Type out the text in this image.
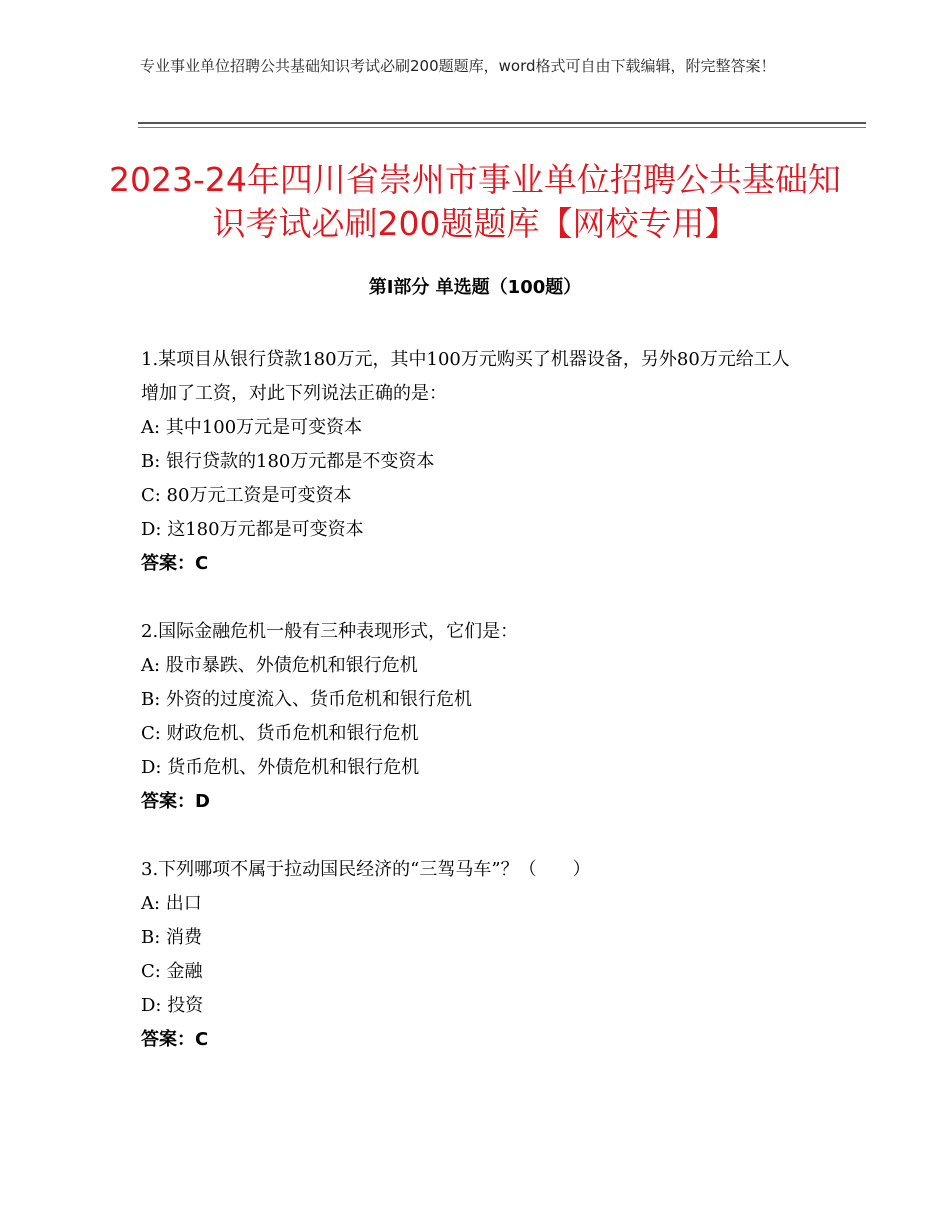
专业事业单位招聘公共基础知识考试必刷200题题库，word格式可自由下载编辑，附完整答案！
2023-24年四川省崇州市事业单位招聘公共基础知识考试必刷200题题库【网校专用】
第Ⅰ部分 单选题（100题）
1.某项目从银行贷款180万元，其中100万元购买了机器设备，另外80万元给工人增加了工资，对此下列说法正确的是：
A: 其中100万元是可变资本
B: 银行贷款的180万元都是不变资本
C: 80万元工资是可变资本
D: 这180万元都是可变资本
答案：C
2.国际金融危机一般有三种表现形式，它们是：
A: 股市暴跌、外债危机和银行危机
B: 外资的过度流入、货币危机和银行危机
C: 财政危机、货币危机和银行危机
D: 货币危机、外债危机和银行危机
答案：D
3.下列哪项不属于拉动国民经济的“三驾马车”？（　　）
A: 出口
B: 消费
C: 金融
D: 投资
答案：C
